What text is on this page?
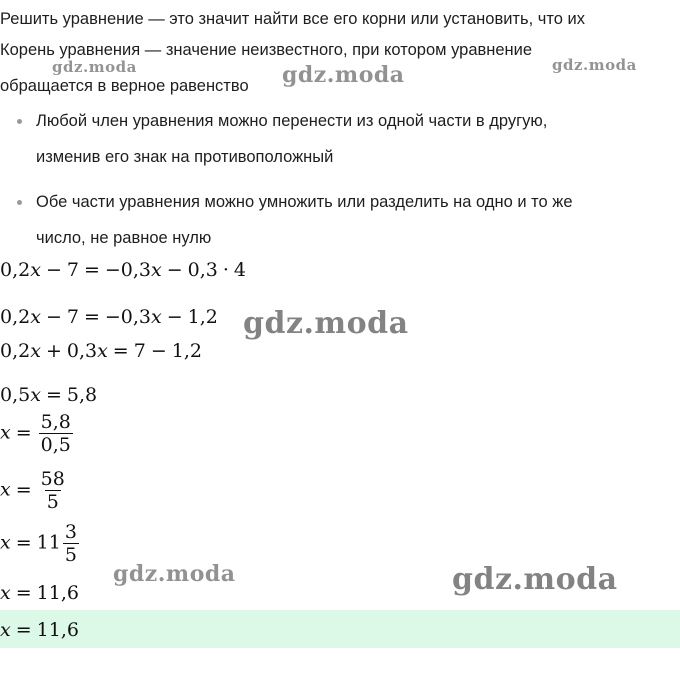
gdz.moda	gdz.moda	gdz.moda
Решить уравнение — это значит найти все его корни или установить, что их
Корень уравнения — значение неизвестного, при котором уравнение
обращается в верное равенство
Любой член уравнения можно перенести из одной части в другую,
изменив его знак на противоположный
Обе части уравнения можно умножить или разделить на одно и то же
число, не равное нулю
0,2x − 7 = −0,3x − 0,3 · 4
0,2x − 7 = −0,3x − 1,2 gdz.moda
0,2x + 0,3x = 7 − 1,2
0,5x = 5,8
$x = \frac{5,8}{0,5}$
$x = \frac{58}{5}$
$x = 11 \frac{3}{5}$
gdz.moda	gdz.moda
x = 11,6
x = 11,6
